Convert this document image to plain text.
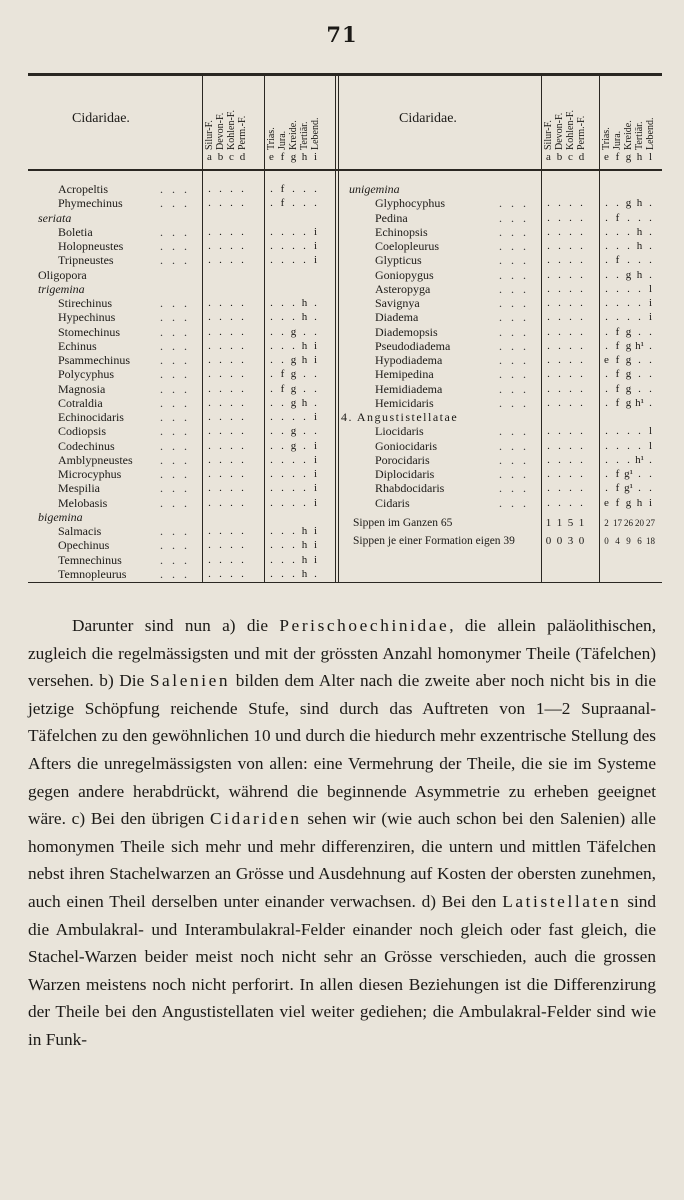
71
Cidaridae.
Silur-F. Devon-F. Kohlen-F. Perm.-F. Trias. Jura. Kreide. Tertiär. Lebend.
a b c d e f g h i
Acropeltis	. . .	. . . .	. f . . .
Phymechinus	. . .	. . . .	. f . . .
seriata
Boletia	. . .	. . . .	. . . . i
Holopneustes	. . .	. . . .	. . . . i
Tripneustes	. . .	. . . .	. . . . i
Oligopora
trigemina
Stirechinus	. . .	. . . .	. . . h .
Hypechinus	. . .	. . . .	. . . h .
Stomechinus	. . .	. . . .	. . g . .
Echinus	. . .	. . . .	. . . h i
Psammechinus	. . .	. . . .	. . g h i
Polycyphus	. . .	. . . .	. f g . .
Magnosia	. . .	. . . .	. f g . .
Cotraldia	. . .	. . . .	. . g h .
Echinocidaris	. . .	. . . .	. . . . i
Codiopsis	. . .	. . . .	. . g . .
Codechinus	. . .	. . . .	. . g . i
Amblypneustes . . .	. . . .	. . . . i
Microcyphus	. . .	. . . .	. . . . i
Mespilia	. . .	. . . .	. . . . i
Melobasis	. . .	. . . .	. . . . i
bigemina
Salmacis	. . .	. . . .	. . . h i
Opechinus	. . .	. . . .	. . . h i
Temnechinus	. . .	. . . .	. . . h i
Temnopleurus	. . .	. . . .	. . . h .
Cidaridae.
Silur-F. Devon-F. Kohlen-F. Perm.-F. Trias. Jura. Kreide. Tertiär. Lebend.
a b c d e f g h l
unigemina
Glyphocyphus	. . .	. . . .	. . g h .
Pedina	. . .	. . . .	. f . . .
Echinopsis	. . .	. . . .	. . . h .
Coelopleurus	. . .	. . . .	. . . h .
Glypticus	. . .	. . . .	. f . . .
Goniopygus	. . .	. . . .	. . g h .
Asteropyga	. . .	. . . .	. . . . l
Savignya	. . .	. . . .	. . . . i
Diadema	. . .	. . . .	. . . . i
Diademopsis	. . .	. . . .	. f g . .
Pseudodiadema	. . .	. . . .	. f g h¹ .
Hypodiadema	. . .	. . . .	e f g . .
Hemipedina	. . .	. . . .	. f g . .
Hemidiadema	. . .	. . . .	. f g . .
Hemicidaris	. . .	. . . .	. f g h¹ .
4. Angustistellatae
Liocidaris	. . .	. . . .	. . . . l
Goniocidaris	. . .	. . . .	. . . . l
Porocidaris	. . .	. . . .	. . . h¹ .
Diplocidaris	. . .	. . . .	. f g¹ . .
Rhabdocidaris	. . .	. . . .	. f g¹ . .
Cidaris	. . .	. . . .	e f g h i
Sippen im Ganzen 65	1 1 5 1	2 17 26 20 27
Sippen je einer Formation eigen 39	0 0 3 0	0 4 9 6 18

Darunter sind nun a) die Perischoechinidae, die allein paläolithischen, zugleich die regelmässigsten und mit der grössten Anzahl homonymer Theile (Täfelchen) versehen. b) Die Salenien bilden dem Alter nach die zweite aber noch nicht bis in die jetzige Schöpfung reichende Stufe, sind durch das Auftreten von 1—2 Supraanal-Täfelchen zu den gewöhnlichen 10 und durch die hiedurch mehr exzentrische Stellung des Afters die unregelmässigsten von allen: eine Vermehrung der Theile, die sie im Systeme gegen andere herabdrückt, während die beginnende Asymmetrie zu erheben geeignet wäre. c) Bei den übrigen Cidariden sehen wir (wie auch schon bei den Salenien) alle homonymen Theile sich mehr und mehr differenziren, die untern und mittlen Täfelchen nebst ihren Stachelwarzen an Grösse und Ausdehnung auf Kosten der obersten zunehmen, auch einen Theil derselben unter einander verwachsen. d) Bei den Latistellaten sind die Ambulakral- und Interambulakral-Felder einander noch gleich oder fast gleich, die Stachel-Warzen beider meist noch nicht sehr an Grösse verschieden, auch die grossen Warzen meistens noch nicht perforirt. In allen diesen Beziehungen ist die Differenzirung der Theile bei den Angustistellaten viel weiter gediehen; die Ambulakral-Felder sind wie in Funk-
